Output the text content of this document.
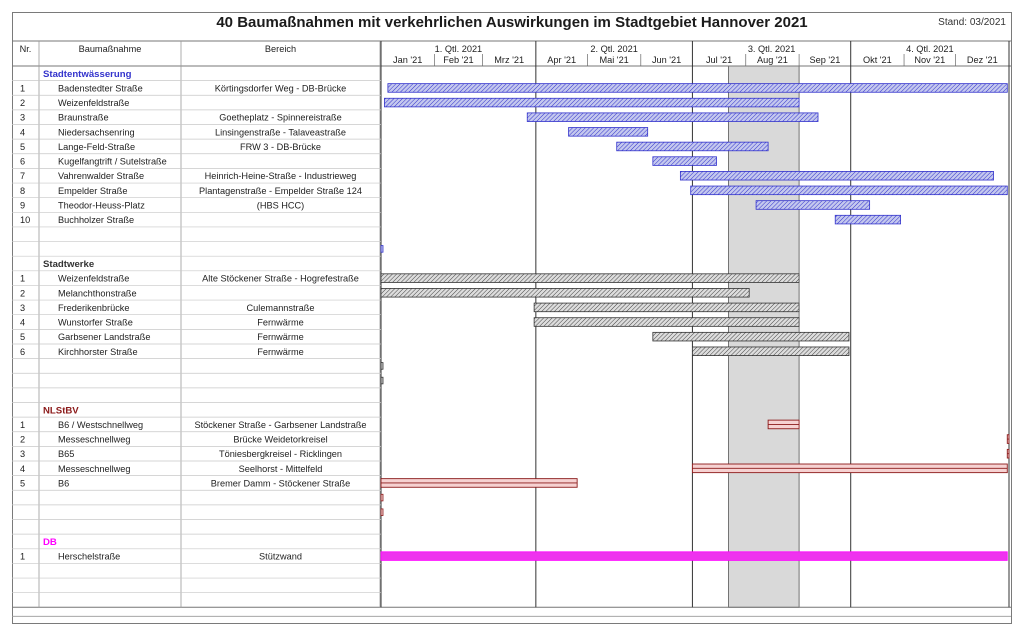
40 Baumaßnahmen mit verkehrlichen Auswirkungen im Stadtgebiet Hannover 2021	Stand: 03/2021
Nr.	Baumaßnahme	Bereich	1. Qtl. 2021	2. Qtl. 2021	3. Qtl. 2021	4. Qtl. 2021
Jan '21 Feb '21 Mrz '21	Apr '21	Mai '21	Jun '21	Jul '21	Aug '21 Sep '21 Okt '21 Nov '21 Dez '21
Stadtentwässerung
1	Badenstedter Straße	Körtingsdorfer Weg - DB-Brücke
2	Weizenfeldstraße
3	Braunstraße	Goetheplatz - Spinnereistraße
4	Niedersachsenring	Linsingenstraße - Talaveastraße
5	Lange-Feld-Straße	FRW 3 - DB-Brücke
6	Kugelfangtrift / Sutelstraße
7	Vahrenwalder Straße	Heinrich-Heine-Straße - Industrieweg
8	Empelder Straße	Plantagenstraße - Empelder Straße 124
9	Theodor-Heuss-Platz	(HBS HCC)
10	Buchholzer Straße
Stadtwerke
1	Weizenfeldstraße	Alte Stöckener Straße - Hogrefestraße
2	Melanchthonstraße
3	Frederikenbrücke	Culemannstraße
4	Wunstorfer Straße	Fernwärme
5	Garbsener Landstraße	Fernwärme
6	Kirchhorster Straße	Fernwärme
NLStBV
1	B6 / Westschnellweg	Stöckener Straße - Garbsener Landstraße
2	Messeschnellweg	Brücke Weidetorkreisel
3	B65	Töniesbergkreisel - Ricklingen
4	Messeschnellweg	Seelhorst - Mittelfeld
5	B6	Bremer Damm - Stöckener Straße
DB
1	Herschelstraße	Stützwand
